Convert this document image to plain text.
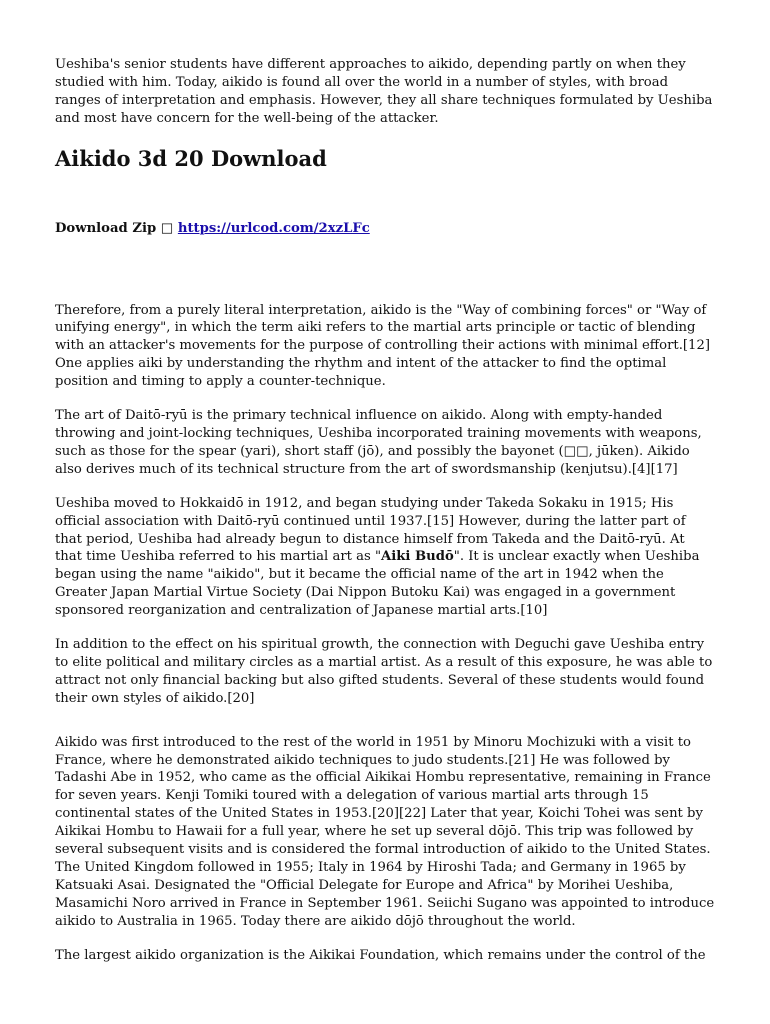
Ueshiba's senior students have different approaches to aikido, depending partly on when they studied with him. Today, aikido is found all over the world in a number of styles, with broad ranges of interpretation and emphasis. However, they all share techniques formulated by Ueshiba and most have concern for the well-being of the attacker.

Aikido 3d 20 Download
Download Zip □ https://urlcod.com/2xzLFc

Therefore, from a purely literal interpretation, aikido is the "Way of combining forces" or "Way of unifying energy", in which the term aiki refers to the martial arts principle or tactic of blending with an attacker's movements for the purpose of controlling their actions with minimal effort.[12] One applies aiki by understanding the rhythm and intent of the attacker to find the optimal position and timing to apply a counter-technique.

The art of Daitō-ryū is the primary technical influence on aikido. Along with empty-handed throwing and joint-locking techniques, Ueshiba incorporated training movements with weapons, such as those for the spear (yari), short staff (jō), and possibly the bayonet (□□, jūken). Aikido also derives much of its technical structure from the art of swordsmanship (kenjutsu).[4][17]

Ueshiba moved to Hokkaidō in 1912, and began studying under Takeda Sokaku in 1915; His official association with Daitō-ryū continued until 1937.[15] However, during the latter part of that period, Ueshiba had already begun to distance himself from Takeda and the Daitō-ryū. At that time Ueshiba referred to his martial art as "Aiki Budō". It is unclear exactly when Ueshiba began using the name "aikido", but it became the official name of the art in 1942 when the Greater Japan Martial Virtue Society (Dai Nippon Butoku Kai) was engaged in a government sponsored reorganization and centralization of Japanese martial arts.[10]

In addition to the effect on his spiritual growth, the connection with Deguchi gave Ueshiba entry to elite political and military circles as a martial artist. As a result of this exposure, he was able to attract not only financial backing but also gifted students. Several of these students would found their own styles of aikido.[20]

Aikido was first introduced to the rest of the world in 1951 by Minoru Mochizuki with a visit to France, where he demonstrated aikido techniques to judo students.[21] He was followed by Tadashi Abe in 1952, who came as the official Aikikai Hombu representative, remaining in France for seven years. Kenji Tomiki toured with a delegation of various martial arts through 15 continental states of the United States in 1953.[20][22] Later that year, Koichi Tohei was sent by Aikikai Hombu to Hawaii for a full year, where he set up several dōjō. This trip was followed by several subsequent visits and is considered the formal introduction of aikido to the United States. The United Kingdom followed in 1955; Italy in 1964 by Hiroshi Tada; and Germany in 1965 by Katsuaki Asai. Designated the "Official Delegate for Europe and Africa" by Morihei Ueshiba, Masamichi Noro arrived in France in September 1961. Seiichi Sugano was appointed to introduce aikido to Australia in 1965. Today there are aikido dōjō throughout the world.

The largest aikido organization is the Aikikai Foundation, which remains under the control of the
